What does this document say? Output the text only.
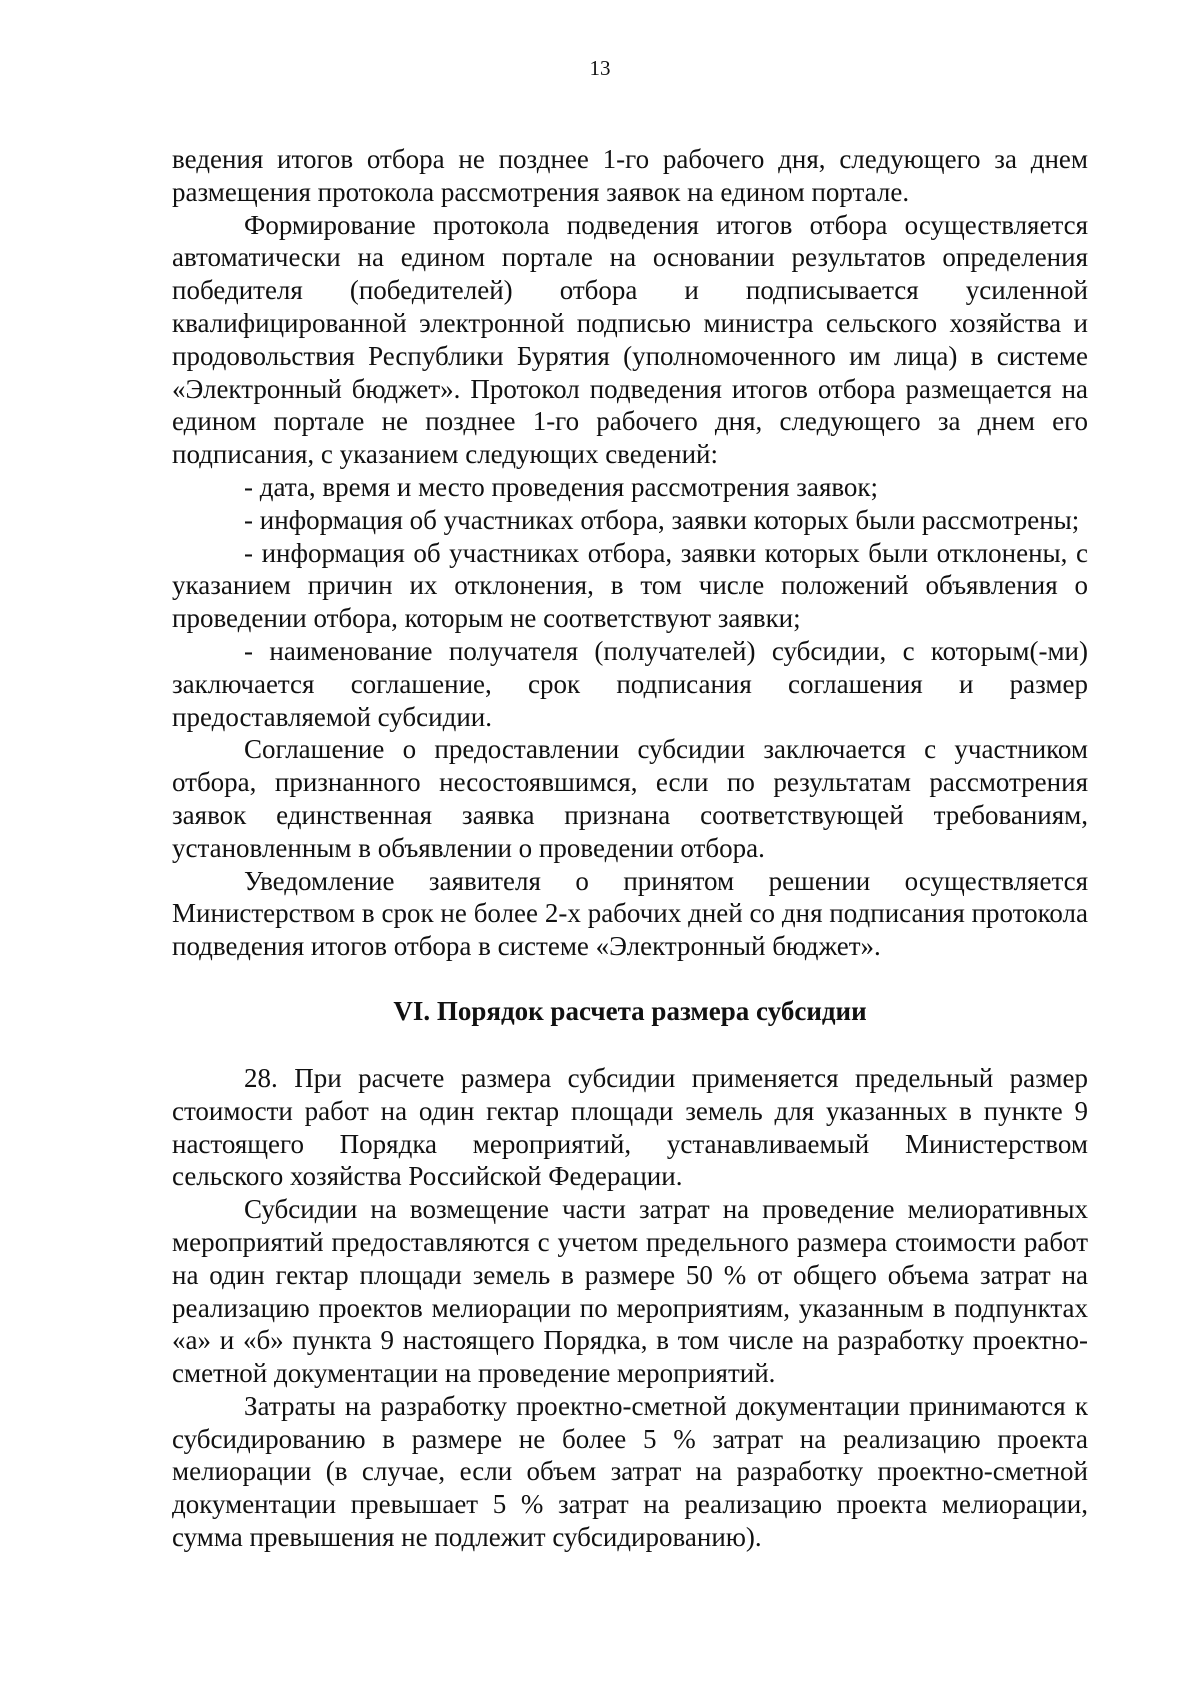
13

ведения итогов отбора не позднее 1-го рабочего дня, следующего за днем размещения протокола рассмотрения заявок на едином портале.

Формирование протокола подведения итогов отбора осуществляется автоматически на едином портале на основании результатов определения победителя (победителей) отбора и подписывается усиленной квалифицированной электронной подписью министра сельского хозяйства и продовольствия Республики Бурятия (уполномоченного им лица) в системе «Электронный бюджет». Протокол подведения итогов отбора размещается на едином портале не позднее 1-го рабочего дня, следующего за днем его подписания, с указанием следующих сведений:

- дата, время и место проведения рассмотрения заявок;

- информация об участниках отбора, заявки которых были рассмотрены;

- информация об участниках отбора, заявки которых были отклонены, с указанием причин их отклонения, в том числе положений объявления о проведении отбора, которым не соответствуют заявки;

- наименование получателя (получателей) субсидии, с которым(-ми) заключается соглашение, срок подписания соглашения и размер предоставляемой субсидии.

Соглашение о предоставлении субсидии заключается с участником отбора, признанного несостоявшимся, если по результатам рассмотрения заявок единственная заявка признана соответствующей требованиям, установленным в объявлении о проведении отбора.

Уведомление заявителя о принятом решении осуществляется Министерством в срок не более 2-х рабочих дней со дня подписания протокола подведения итогов отбора в системе «Электронный бюджет».

VI. Порядок расчета размера субсидии

28. При расчете размера субсидии применяется предельный размер стоимости работ на один гектар площади земель для указанных в пункте 9 настоящего Порядка мероприятий, устанавливаемый Министерством сельского хозяйства Российской Федерации.

Субсидии на возмещение части затрат на проведение мелиоративных мероприятий предоставляются с учетом предельного размера стоимости работ на один гектар площади земель в размере 50 % от общего объема затрат на реализацию проектов мелиорации по мероприятиям, указанным в подпунктах «а» и «б» пункта 9 настоящего Порядка, в том числе на разработку проектно-сметной документации на проведение мероприятий.

Затраты на разработку проектно-сметной документации принимаются к субсидированию в размере не более 5 % затрат на реализацию проекта мелиорации (в случае, если объем затрат на разработку проектно-сметной документации превышает 5 % затрат на реализацию проекта мелиорации, сумма превышения не подлежит субсидированию).
